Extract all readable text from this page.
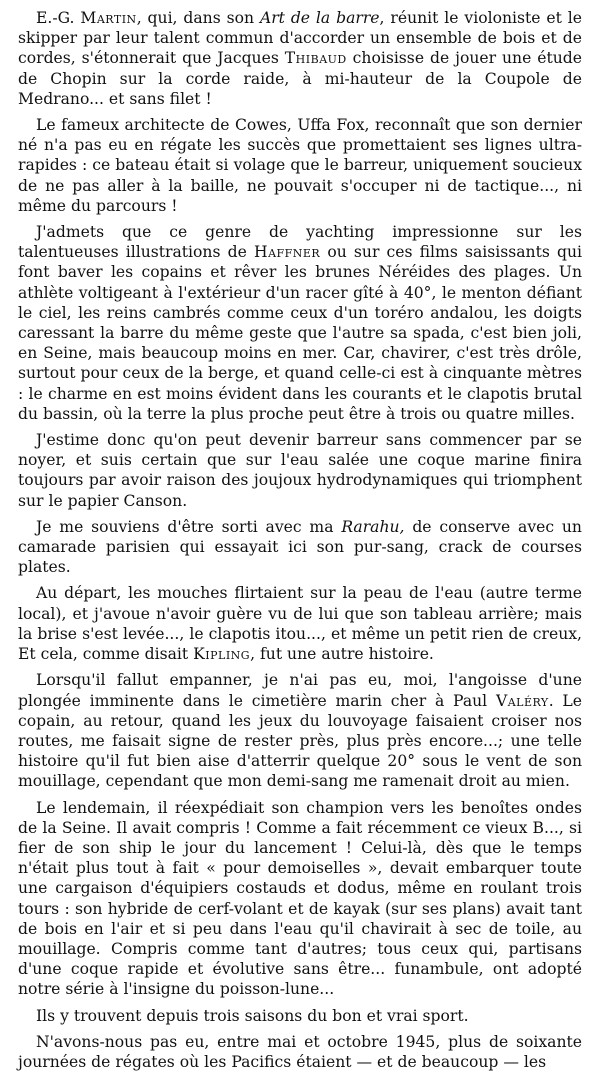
E.-G. Martin, qui, dans son Art de la barre, réunit le violoniste et le skipper par leur talent commun d'accorder un ensemble de bois et de cordes, s'étonnerait que Jacques Thibaud choisisse de jouer une étude de Chopin sur la corde raide, à mi-hauteur de la Coupole de Medrano... et sans filet !

Le fameux architecte de Cowes, Uffa Fox, reconnaît que son dernier né n'a pas eu en régate les succès que promettaient ses lignes ultra-rapides : ce bateau était si volage que le barreur, uniquement soucieux de ne pas aller à la baille, ne pouvait s'occuper ni de tactique..., ni même du parcours !

J'admets que ce genre de yachting impressionne sur les talentueuses illustrations de Haffner ou sur ces films saisissants qui font baver les copains et rêver les brunes Néréides des plages. Un athlète voltigeant à l'extérieur d'un racer gîté à 40°, le menton défiant le ciel, les reins cambrés comme ceux d'un toréro andalou, les doigts caressant la barre du même geste que l'autre sa spada, c'est bien joli, en Seine, mais beaucoup moins en mer. Car, chavirer, c'est très drôle, surtout pour ceux de la berge, et quand celle-ci est à cinquante mètres : le charme en est moins évident dans les courants et le clapotis brutal du bassin, où la terre la plus proche peut être à trois ou quatre milles.

J'estime donc qu'on peut devenir barreur sans commencer par se noyer, et suis certain que sur l'eau salée une coque marine finira toujours par avoir raison des joujoux hydrodynamiques qui triomphent sur le papier Canson.

Je me souviens d'être sorti avec ma Rarahu, de conserve avec un camarade parisien qui essayait ici son pur-sang, crack de courses plates.

Au départ, les mouches flirtaient sur la peau de l'eau (autre terme local), et j'avoue n'avoir guère vu de lui que son tableau arrière; mais la brise s'est levée..., le clapotis itou..., et même un petit rien de creux, Et cela, comme disait Kipling, fut une autre histoire.

Lorsqu'il fallut empanner, je n'ai pas eu, moi, l'angoisse d'une plongée imminente dans le cimetière marin cher à Paul Valéry. Le copain, au retour, quand les jeux du louvoyage faisaient croiser nos routes, me faisait signe de rester près, plus près encore...; une telle histoire qu'il fut bien aise d'atterrir quelque 20° sous le vent de son mouillage, cependant que mon demi-sang me ramenait droit au mien.

Le lendemain, il réexpédiait son champion vers les benoîtes ondes de la Seine. Il avait compris ! Comme a fait récemment ce vieux B..., si fier de son ship le jour du lancement ! Celui-là, dès que le temps n'était plus tout à fait « pour demoiselles », devait embarquer toute une cargaison d'équipiers costauds et dodus, même en roulant trois tours : son hybride de cerf-volant et de kayak (sur ses plans) avait tant de bois en l'air et si peu dans l'eau qu'il chavirait à sec de toile, au mouillage. Compris comme tant d'autres; tous ceux qui, partisans d'une coque rapide et évolutive sans être... funambule, ont adopté notre série à l'insigne du poisson-lune...

Ils y trouvent depuis trois saisons du bon et vrai sport.

N'avons-nous pas eu, entre mai et octobre 1945, plus de soixante journées de régates où les Pacifics étaient — et de beaucoup — les
